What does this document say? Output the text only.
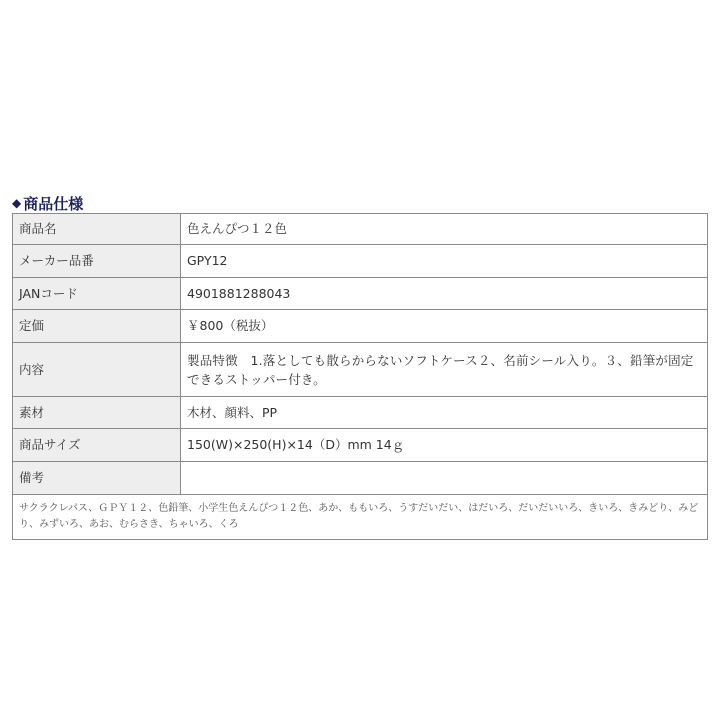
◆ 商品仕様
商品名	色えんぴつ１２色
メーカー品番	GPY12
JANコード	4901881288043
定価	￥800（税抜）
内容	製品特徴　1.落としても散らからないソフトケース２、名前シール入り。３、鉛筆が固定できるストッパー付き。
素材	木材、顔料、PP
商品サイズ	150(W)×250(H)×14（D）mm 14ｇ
備考	
サクラクレパス、ＧＰＹ１２、色鉛筆、小学生色えんぴつ１２色、あか、ももいろ、うすだいだい、はだいろ、だいだいいろ、きいろ、きみどり、みどり、みずいろ、あお、むらさき、ちゃいろ、くろ	
